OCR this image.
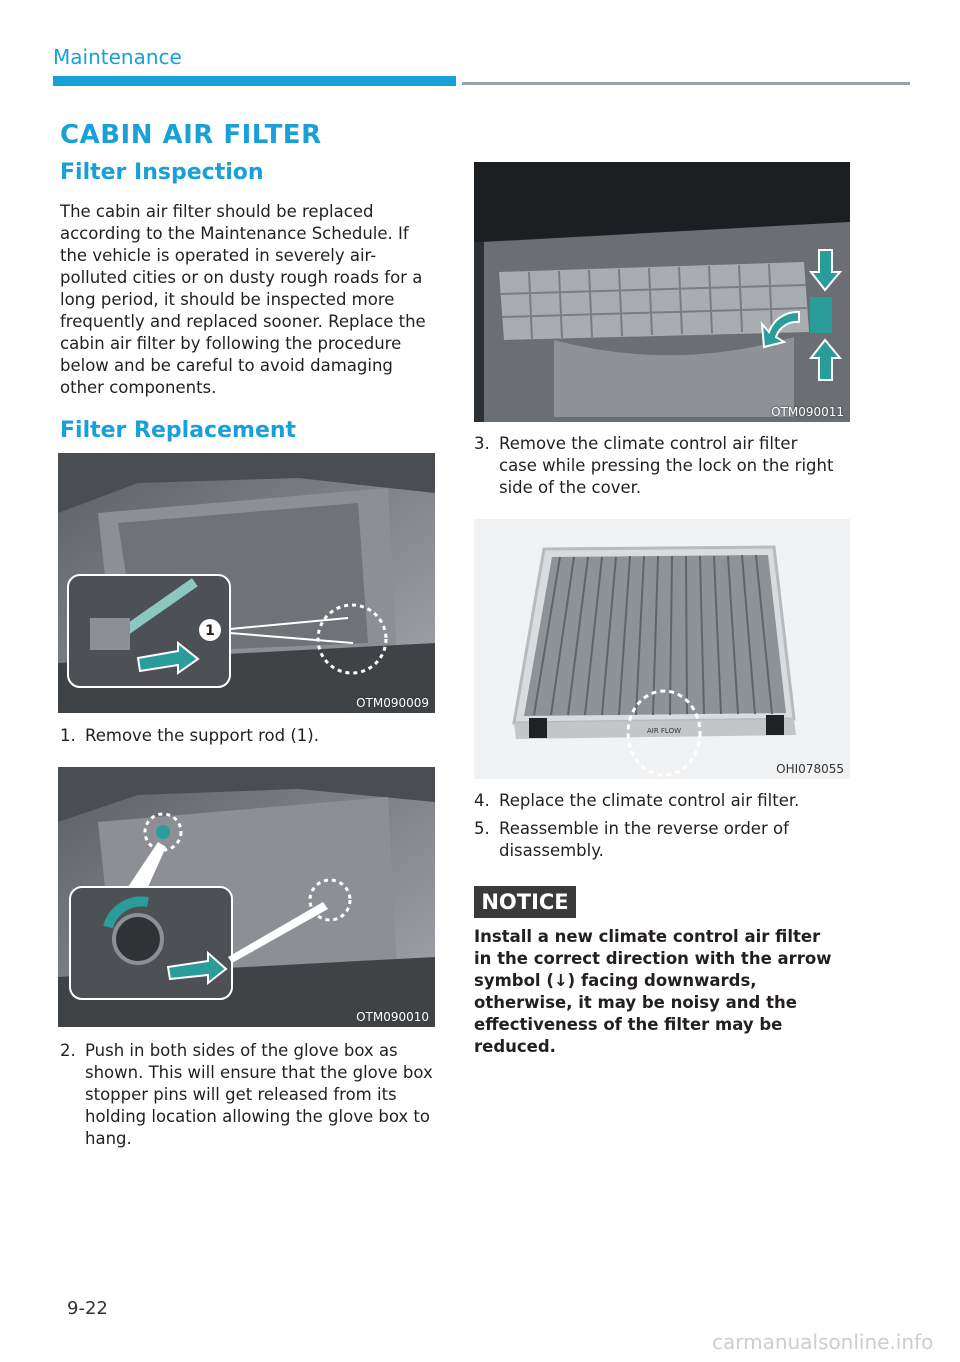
Maintenance
CABIN AIR FILTER
Filter Inspection
The cabin air filter should be replaced according to the Maintenance Schedule. If the vehicle is operated in severely air-polluted cities or on dusty rough roads for a long period, it should be inspected more frequently and replaced sooner. Replace the cabin air filter by following the procedure below and be careful to avoid damaging other components.
Filter Replacement
1
OTM090009
1. Remove the support rod (1).
OTM090010
2. Push in both sides of the glove box as shown. This will ensure that the glove box stopper pins will get released from its holding location allowing the glove box to hang.
OTM090011
3. Remove the climate control air filter case while pressing the lock on the right side of the cover.
AIR FLOW
OHI078055
4. Replace the climate control air filter.
5. Reassemble in the reverse order of disassembly.
NOTICE
Install a new climate control air filter in the correct direction with the arrow symbol (↓) facing downwards, otherwise, it may be noisy and the effectiveness of the filter may be reduced.
9-22
carmanualsonline.info
